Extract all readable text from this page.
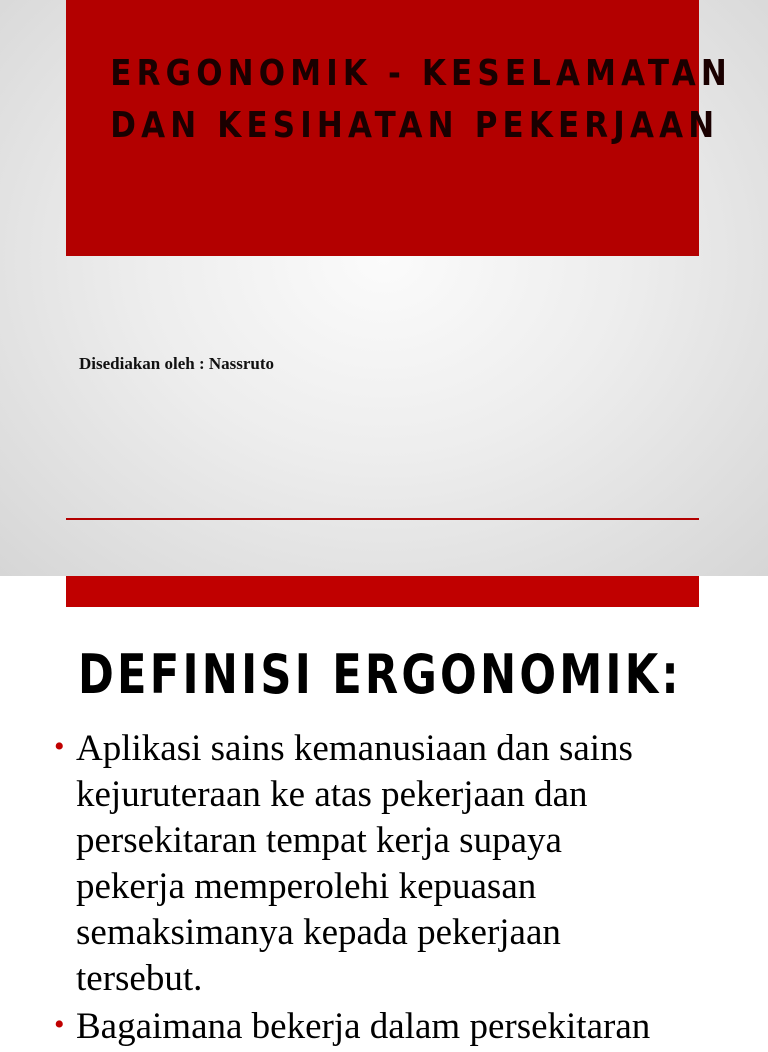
ERGONOMIK - KESELAMATAN
DAN KESIHATAN PEKERJAAN

Disediakan oleh : Nassruto

DEFINISI ERGONOMIK:
• Aplikasi sains kemanusiaan dan sains
kejuruteraan ke atas pekerjaan dan
persekitaran tempat kerja supaya
pekerja memperolehi kepuasan
semaksimanya kepada pekerjaan
tersebut.
• Bagaimana bekerja dalam persekitaran
